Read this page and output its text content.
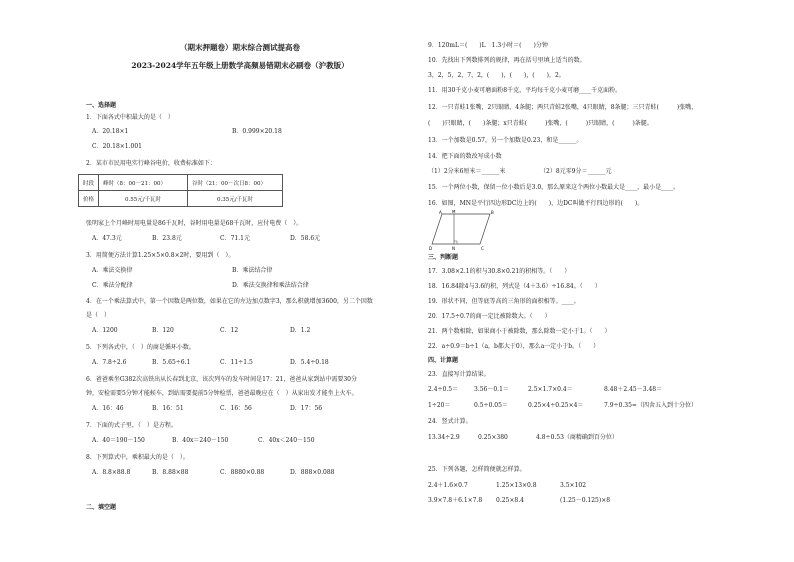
（期末押题卷）期末综合测试提高卷
2023-2024学年五年级上册数学高频易错期末必刷卷（沪教版）
一、选择题
1．下面各式中积最大的是（　）
A．20.18×1	B．0.999×20.18
C．20.18×1.001
2．某市市民用电实行峰谷电价，收费标准如下：
时段	峰时（8：00－21：00）	谷时（21：00－次日8：00）
价格	0.55元/千瓦时	0.35元/千瓦时
张明家上个月峰时用电量是86千瓦时，谷时用电量是68千瓦时，应付电费（　）。
A．47.3元	B．23.8元	C．71.1元	D．58.6元
3．用简便方法计算1.25×5×0.8×2时，要用到（　）。
A．乘法交换律	B．乘法结合律
C．乘法分配律	D．乘法交换律和乘法结合律
4．在一个乘法算式中，第一个因数是两位数，如果在它的左边加点数字3，那么积就增加3600，另二个因数
是（　）
A．1200	B．120	C．12	D．1.2
5．下列各式中，（　）的商是循环小数。
A．7.8÷2.6	B．5.65÷6.1	C．11÷1.5	D．5.4÷0.18
6．爸爸乘坐G382次高铁出从长春到北京，该次列车的发车时间是17：21，爸爸从家到站中需要30分
钟，安检需要5分钟才能候车，到站需要提前5分钟检票，爸爸最晚应在（　）从家出发才能坐上火车。
A．16：46	B．16：51	C．16：56	D．17：56
7．下面的式子里，（　）是方程。
A．40＝190－150	B．40x＝240－150	C．40x＜240－150
8．下列算式中，乘积最大的是（　）。
A．8.8×88.8	B．8.88×88	C．8880×0.88	D．888×0.088
二、填空题
9．120mL＝(　　)L　1.3小时＝(　　)分钟
10．先找出下列数排列的规律，再在括号里填上适当的数。
3，2，5，2，7，2，(　　)，(　　)，(　　)，2。
11．用30千克小麦可磨面粉8千克，平均每千克小麦可磨____千克面粉。
12．一只青蛙1张嘴，2只眼睛，4条腿；两只青蛙2张嘴，4只眼睛，8条腿；三只青蛙(　　　)张嘴，
(　　)只眼睛，(　　)条腿；x只青蛙(　　　)张嘴，(　　　)只眼睛，(　　　)条腿。
13．一个加数是0.57，另一个加数是0.23，和是______。
14．把下面的数改写成小数
（1）2分米6厘米＝______米	（2）8元零9分＝______元
15．一个两位小数，保留一位小数后是3.0，那么原来这个两位小数最大是____，最小是____。
16．如图，MN是平行四边形DC边上的(　　)，边DC叫做平行四边形的(　　)。
A	B
C
D
M
N
三、判断题
17．3.08×2.1的积与30.8×0.21的积相等。（　　）
18．16.84除4与3.6的积，列式是（4＋3.6）÷16.84。（　　）
19．形状不同，但等底等高的三角形的面积相等。____。
20．17.5÷0.7的商一定比被除数大。（　　）
21．两个数相除，如果商小于被除数，那么除数一定小于1。（　　）
22．a÷0.9＝b÷1（a，b都大于0），那么a一定小于b。（　　）
四、计算题
23．直接写计算结果。
2.4÷0.5＝	3.56－0.1＝	2.5×1.7×0.4＝	8.48＋2.45－3.48＝
1÷20＝	0.5÷0.05＝	0.25×4÷0.25×4＝	7.9÷0.35≈（四舍五入到十分位）
24．竖式计算。
13.34÷2.9	0.25×380	4.8÷0.53（商精确到百分位）
25．下列各题，怎样简便就怎样算。
2.4＋1.6×0.7	1.25×13×0.8	3.5×102
3.9×7.8＋6.1×7.8 0.25×8.4	(1.25－0.125)×8
